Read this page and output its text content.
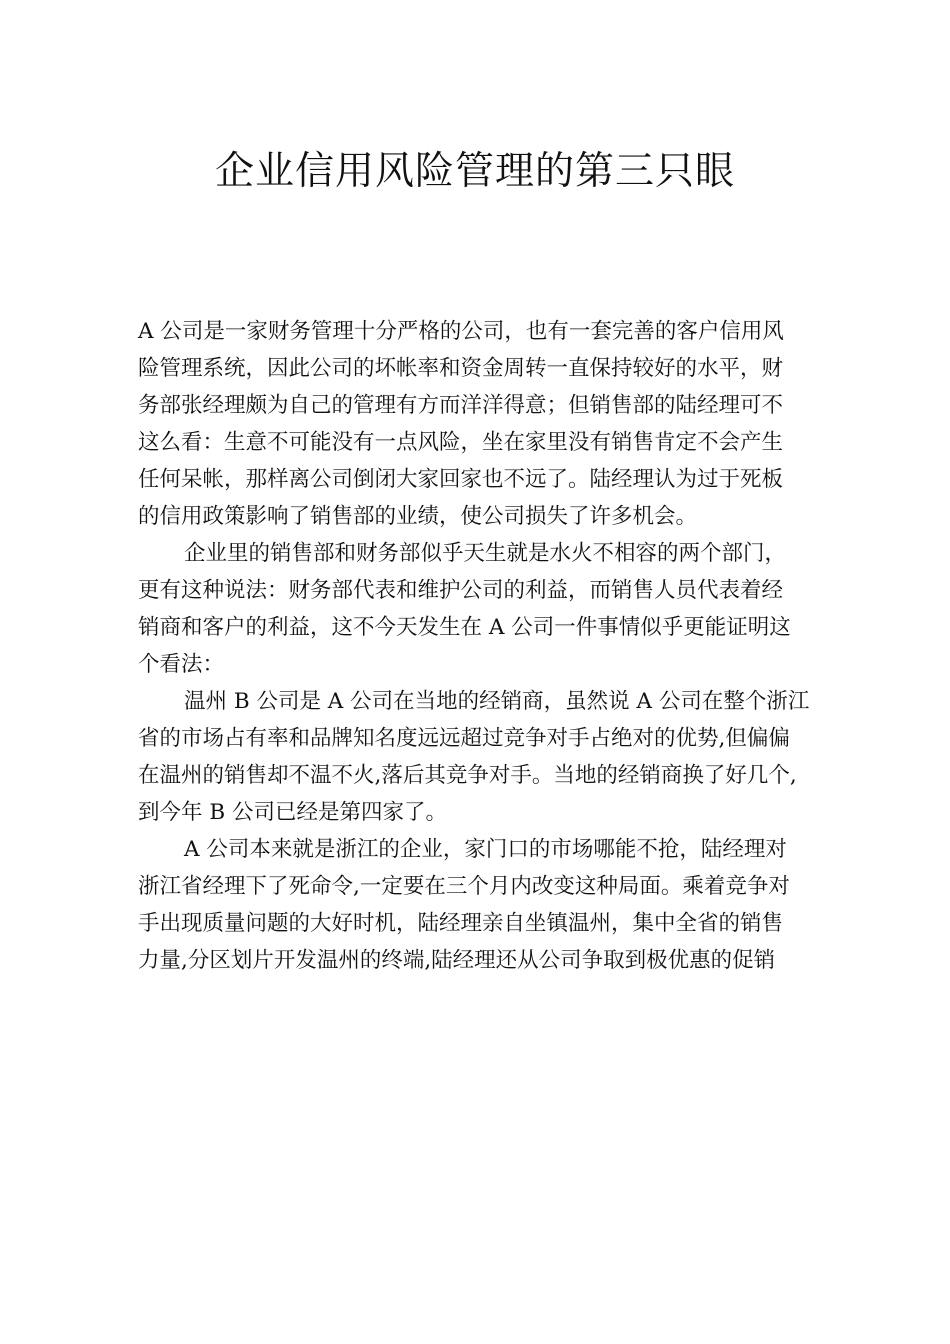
企业信用风险管理的第三只眼

A 公司是一家财务管理十分严格的公司，也有一套完善的客户信用风
险管理系统，因此公司的坏帐率和资金周转一直保持较好的水平，财
务部张经理颇为自己的管理有方而洋洋得意；但销售部的陆经理可不
这么看：生意不可能没有一点风险，坐在家里没有销售肯定不会产生
任何呆帐，那样离公司倒闭大家回家也不远了。陆经理认为过于死板
的信用政策影响了销售部的业绩，使公司损失了许多机会。

企业里的销售部和财务部似乎天生就是水火不相容的两个部门，
更有这种说法：财务部代表和维护公司的利益，而销售人员代表着经
销商和客户的利益，这不今天发生在 A 公司一件事情似乎更能证明这
个看法：

温州 B 公司是 A 公司在当地的经销商，虽然说 A 公司在整个浙江
省的市场占有率和品牌知名度远远超过竞争对手占绝对的优势,但偏偏
在温州的销售却不温不火,落后其竞争对手。当地的经销商换了好几个,
到今年 B 公司已经是第四家了。

A 公司本来就是浙江的企业，家门口的市场哪能不抢，陆经理对
浙江省经理下了死命令,一定要在三个月内改变这种局面。乘着竞争对
手出现质量问题的大好时机，陆经理亲自坐镇温州，集中全省的销售
力量,分区划片开发温州的终端,陆经理还从公司争取到极优惠的促销
